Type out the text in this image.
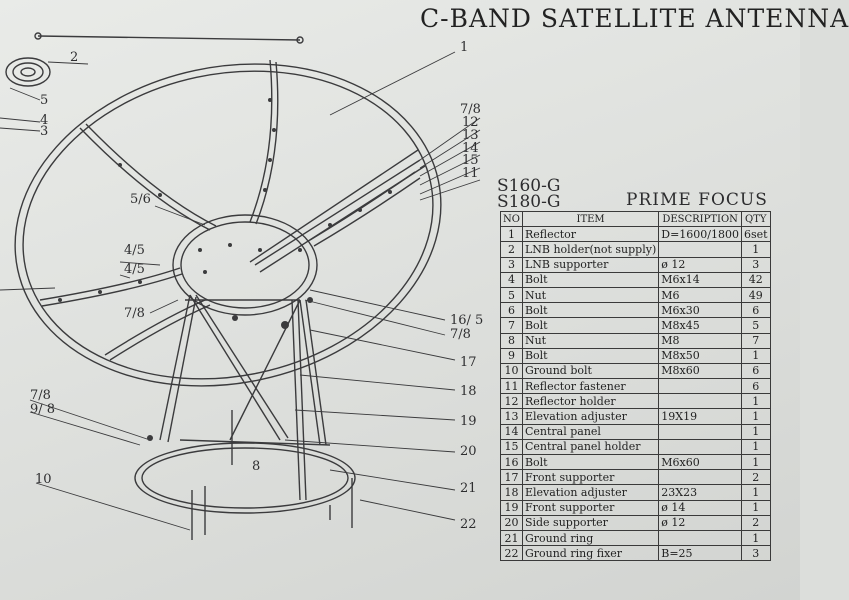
C-BAND SATELLITE ANTENNA
S160-G
S180-G	PRIME FOCUS
2
5
4
3
1
7/8
12
13
14
15
11
5/6
4/5
4/5
7/8	16/ 5
7/8
17
18
19
20
7/8
9/ 8
8
10
21
22
NO	ITEM	DESCRIPTION	QTY
1	Reflector	D=1600/1800	6set
2	LNB holder(not supply)		1
3	LNB supporter	ø 12	3
4	Bolt	M6x14	42
5	Nut	M6	49
6	Bolt	M6x30	6
7	Bolt	M8x45	5
8	Nut	M8	7
9	Bolt	M8x50	1
10	Ground bolt	M8x60	6
11	Reflector fastener		6
12	Reflector holder		1
13	Elevation adjuster	19X19	1
14	Central panel		1
15	Central panel holder		1
16	Bolt	M6x60	1
17	Front supporter		2
18	Elevation adjuster	23X23	1
19	Front supporter	ø 14	1
20	Side supporter	ø 12	2
21	Ground ring		1
22	Ground ring fixer	B=25	3
